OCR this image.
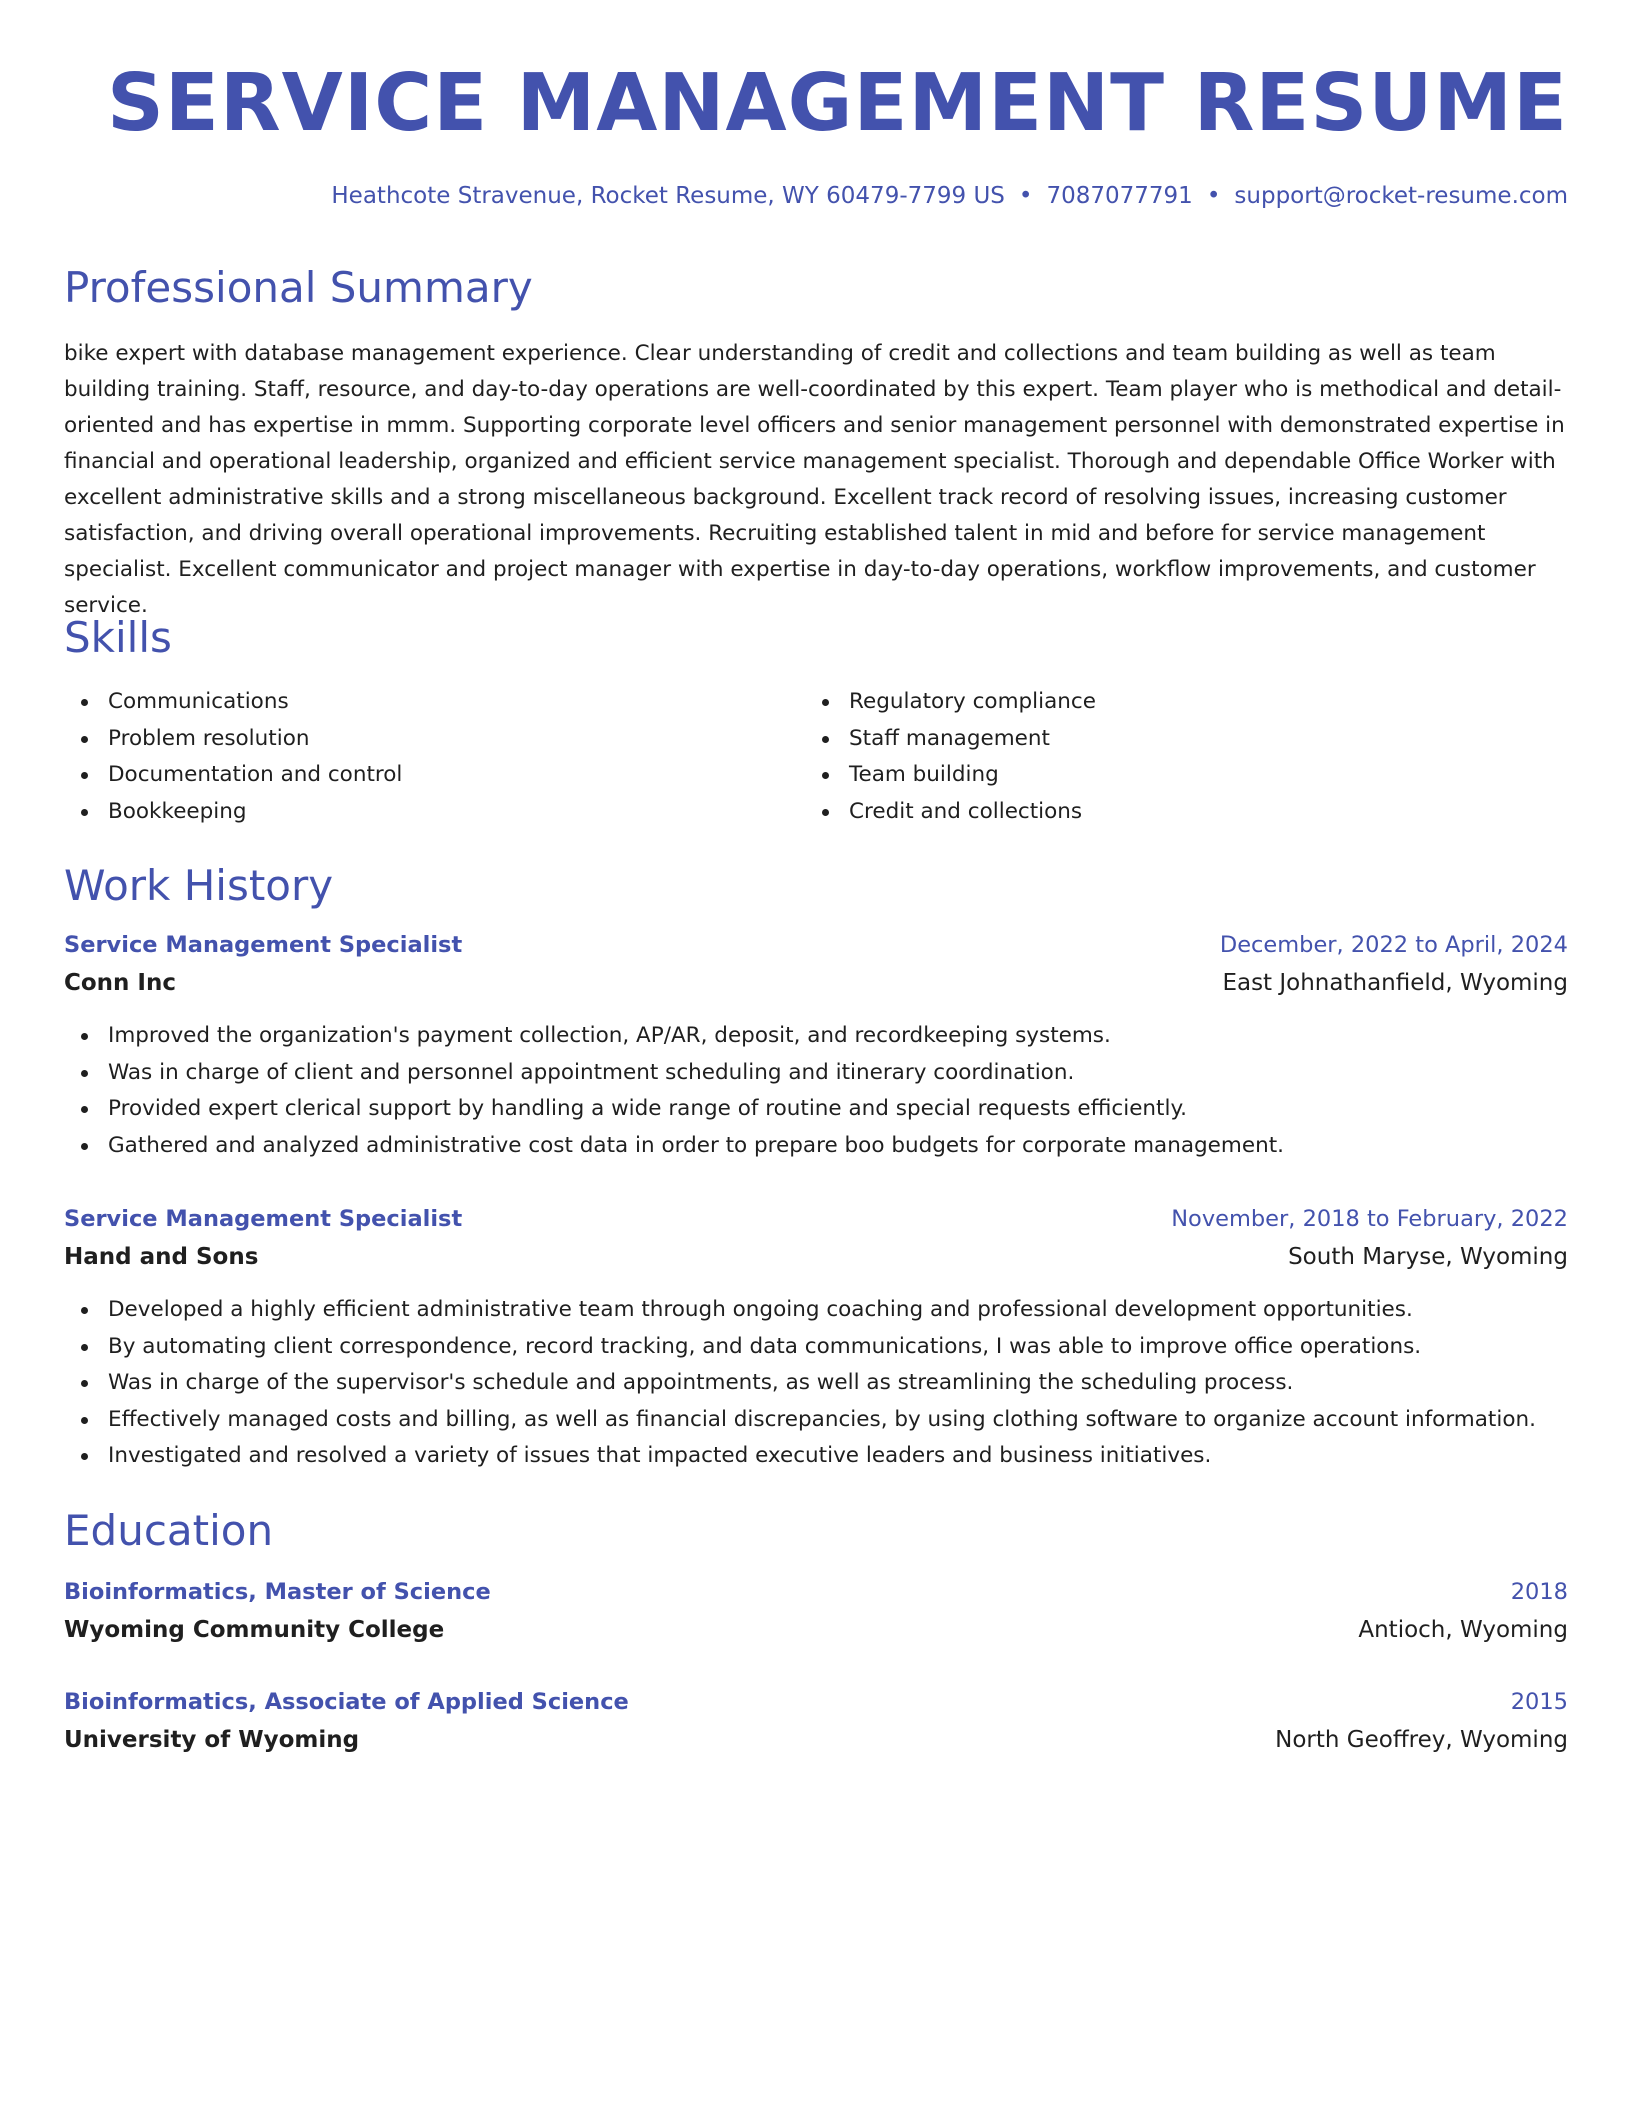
SERVICE MANAGEMENT RESUME
Heathcote Stravenue, Rocket Resume, WY 60479-7799 US • 7087077791 • support@rocket-resume.com
Professional Summary

bike expert with database management experience. Clear understanding of credit and collections and team building as well as team building training. Staff, resource, and day-to-day operations are well-coordinated by this expert. Team player who is methodical and detail-oriented and has expertise in mmm. Supporting corporate level officers and senior management personnel with demonstrated expertise in financial and operational leadership, organized and efficient service management specialist. Thorough and dependable Office Worker with excellent administrative skills and a strong miscellaneous background. Excellent track record of resolving issues, increasing customer satisfaction, and driving overall operational improvements. Recruiting established talent in mid and before for service management specialist. Excellent communicator and project manager with expertise in day-to-day operations, workflow improvements, and customer service.

Skills
Communications
Problem resolution
Documentation and control
Bookkeeping
Regulatory compliance
Staff management
Team building
Credit and collections
Work History
Service Management Specialist	December, 2022 to April, 2024
Conn Inc	East Johnathanfield, Wyoming
Improved the organization's payment collection, AP/AR, deposit, and recordkeeping systems.
Was in charge of client and personnel appointment scheduling and itinerary coordination.
Provided expert clerical support by handling a wide range of routine and special requests efficiently.
Gathered and analyzed administrative cost data in order to prepare boo budgets for corporate management.
Service Management Specialist	November, 2018 to February, 2022
Hand and Sons	South Maryse, Wyoming
Developed a highly efficient administrative team through ongoing coaching and professional development opportunities.
By automating client correspondence, record tracking, and data communications, I was able to improve office operations.
Was in charge of the supervisor's schedule and appointments, as well as streamlining the scheduling process.
Effectively managed costs and billing, as well as financial discrepancies, by using clothing software to organize account information.
Investigated and resolved a variety of issues that impacted executive leaders and business initiatives.
Education
Bioinformatics, Master of Science	2018
Wyoming Community College	Antioch, Wyoming
Bioinformatics, Associate of Applied Science	2015
University of Wyoming	North Geoffrey, Wyoming
